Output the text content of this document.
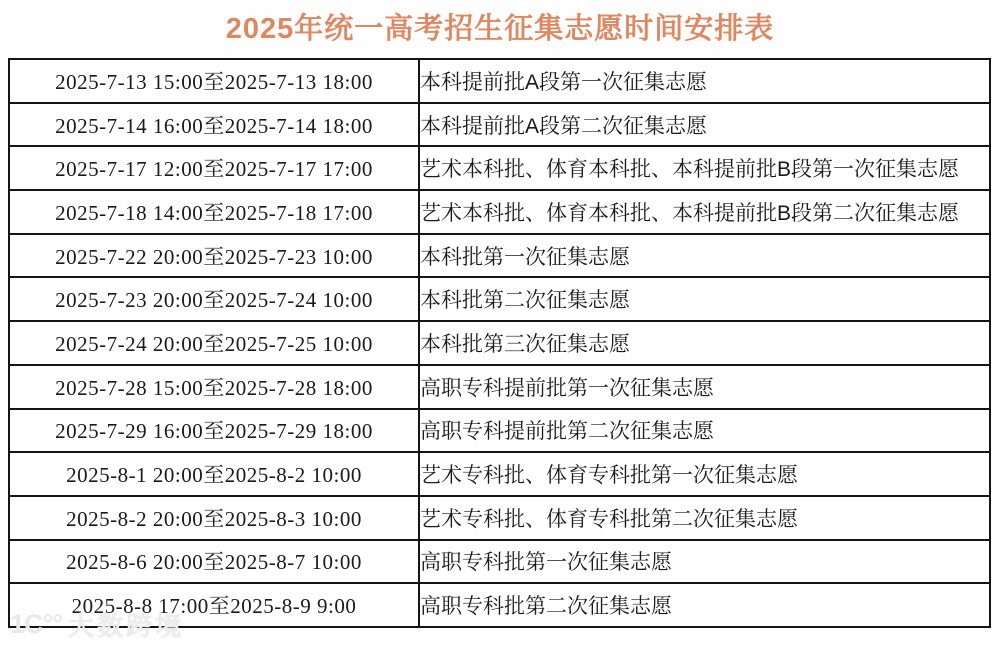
2025年统一高考招生征集志愿时间安排表
2025-7-13 15:00至2025-7-13 18:00	本科提前批A段第一次征集志愿
2025-7-14 16:00至2025-7-14 18:00	本科提前批A段第二次征集志愿
2025-7-17 12:00至2025-7-17 17:00	艺术本科批、体育本科批、本科提前批B段第一次征集志愿
2025-7-18 14:00至2025-7-18 17:00	艺术本科批、体育本科批、本科提前批B段第二次征集志愿
2025-7-22 20:00至2025-7-23 10:00	本科批第一次征集志愿
2025-7-23 20:00至2025-7-24 10:00	本科批第二次征集志愿
2025-7-24 20:00至2025-7-25 10:00	本科批第三次征集志愿
2025-7-28 15:00至2025-7-28 18:00	高职专科提前批第一次征集志愿
2025-7-29 16:00至2025-7-29 18:00	高职专科提前批第二次征集志愿
2025-8-1 20:00至2025-8-2 10:00	艺术专科批、体育专科批第一次征集志愿
2025-8-2 20:00至2025-8-3 10:00	艺术专科批、体育专科批第二次征集志愿
2025-8-6 20:00至2025-8-7 10:00	高职专科批第一次征集志愿
2025-8-8 17:00至2025-8-9 9:00	高职专科批第二次征集志愿
1C°° 大数跨境
